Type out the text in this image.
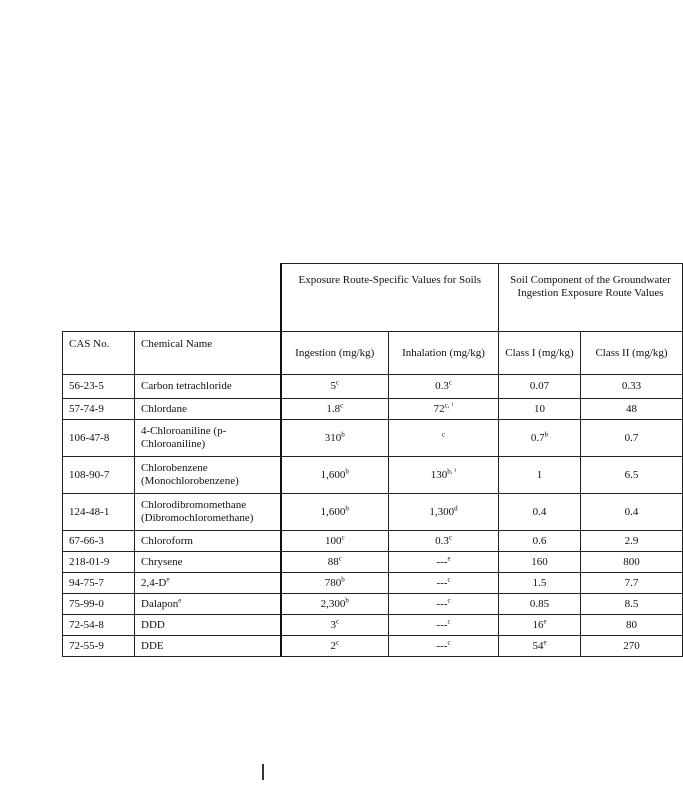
		Exposure Route-Specific Values for Soils		Soil Component of the Groundwater Ingestion Exposure Route Values	
CAS No.	Chemical Name	Ingestion (mg/kg)	Inhalation (mg/kg)	Class I (mg/kg)	Class II (mg/kg)
56-23-5	Carbon tetrachloride	5$^c$	0.3$^c$	0.07	0.33
57-74-9	Chlordane	1.8$^c$	$72^{c, ^1}$	10	48
106-47-8	4-Chloroaniline (p-Chloroaniline)	310$^b$	$^c$	0.7$^b$	0.7
108-90-7	Chlorobenzene (Monochlorobenzene)	1,600$^b$	$130^{b, ^1}$	1	6.5
124-48-1	Chlorodibromomethane (Dibromochloromethane)	1,600$^b$	1,300$^d$	0.4	0.4
67-66-3	Chloroform	100$^c$	0.3$^c$	0.6	2.9
218-01-9	Chrysene	88$^c$	---$^e$	160	800
94-75-7	2,4-De	780$^b$	---$^c$	1.5	7.7
75-99-0	Dalapon$^e$	2,300$^b$	---$^c$	0.85	8.5
72-54-8	DDD	3$^c$	---$^c$	16e	80
72-55-9	DDE	2$^c$	---$^c$	54e	270
